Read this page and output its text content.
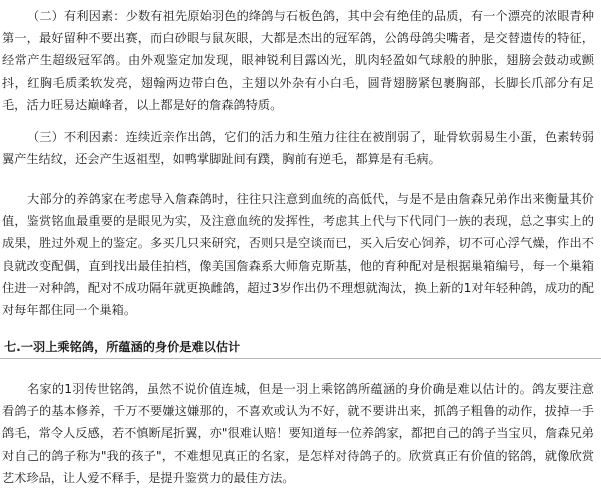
（二）有利因素：少数有祖先原始羽色的绛鸽与石板色鸽，其中会有绝佳的品质，有一个漂亮的浓眼青种第一，最好留种不要出赛，而白砂眼与鼠灰眼，大都是杰出的冠军鸽，公鸽母鸽尖嘴者，是交替遗传的特征，经常产生超级冠军鸽。由外观鉴定加发现，眼神锐利目露凶光，肌肉轻盈如气球般的肿胀，翅膀会鼓动或颤抖，红胸毛质柔软发亮，翅翰两边带白色，主翅以外杂有小白毛，圆背翅膀紧包裹胸部，长脚长爪部分有足毛，活力旺易达巅峰者，以上都是好的詹森鸽特质。

（三）不利因素：连续近亲作出鸽，它们的活力和生殖力往往在被削弱了，耻骨软弱易生小蛋，色素转弱翼产生结纹，还会产生返祖型，如鸭掌脚趾间有蹼，胸前有逆毛，都算是有毛病。

大部分的养鸽家在考虑导入詹森鸽时，往往只注意到血统的高低代，与是不是由詹森兄弟作出来衡量其价值，鉴赏铭血最重要的是眼见为实，及注意血统的发挥性，考虑其上代与下代同门一族的表现，总之事实上的成果，胜过外观上的鉴定。多买几只来研究，否则只是空谈而已，买入后安心饲养，切不可心浮气燥，作出不良就改变配偶，直到找出最佳拍档，像美国詹森系大师詹克斯基，他的育种配对是根据巢箱编号，每一个巢箱住进一对种鸽，配对不成功隔年就更换雌鸽，超过3岁作出仍不理想就淘汰，换上新的1对年轻种鸽，成功的配对每年都住同一个巢箱。

七.一羽上乘铭鸽，所蕴涵的身价是难以估计

名家的1羽传世铭鸽，虽然不说价值连城，但是一羽上乘铭鸽所蕴涵的身价确是难以估计的。鸽友要注意看鸽子的基本修养，千万不要嫌这嫌那的，不喜欢或认为不好，就不要讲出来，抓鸽子粗鲁的动作，拔掉一手鸽毛，常令人反感，若不慎断尾折翼，亦"很难认赔！要知道每一位养鸽家，都把自己的鸽子当宝贝，詹森兄弟对自己的鸽子称为"我的孩子"，不难想见真正的名家，是怎样对待鸽子的。欣赏真正有价值的铭鸽，就像欣赏艺术珍品，让人爱不释手，是提升鉴赏力的最佳方法。
